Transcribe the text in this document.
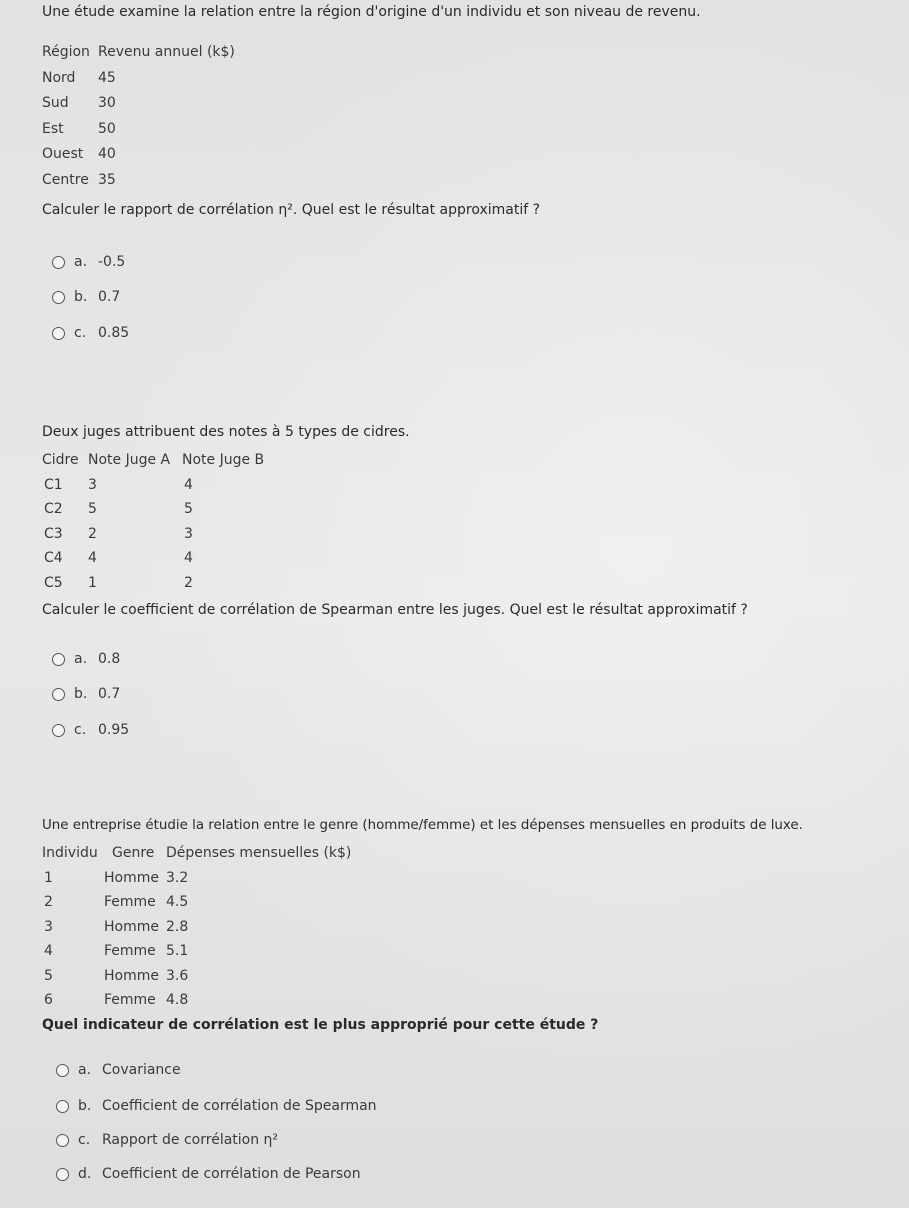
Une étude examine la relation entre la région d'origine d'un individu et son niveau de revenu.
Région Revenu annuel (k$)
Nord 45
Sud 30
Est 50
Ouest 40
Centre 35
Calculer le rapport de corrélation η². Quel est le résultat approximatif ?
a. -0.5
b. 0.7
c. 0.85
Deux juges attribuent des notes à 5 types de cidres.
Cidre Note Juge A Note Juge B
C1 3	4
C2 5	5
C3 2	3
C4 4	4
C5 1	2
Calculer le coefficient de corrélation de Spearman entre les juges. Quel est le résultat approximatif ?
a. 0.8
b. 0.7
c. 0.95
Une entreprise étudie la relation entre le genre (homme/femme) et les dépenses mensuelles en produits de luxe.
Individu Genre Dépenses mensuelles (k$)
1	Homme 3.2
2	Femme 4.5
3	Homme 2.8
4	Femme 5.1
5	Homme 3.6
6	Femme 4.8
Quel indicateur de corrélation est le plus approprié pour cette étude ?
a. Covariance
b. Coefficient de corrélation de Spearman
c. Rapport de corrélation η²
d. Coefficient de corrélation de Pearson
